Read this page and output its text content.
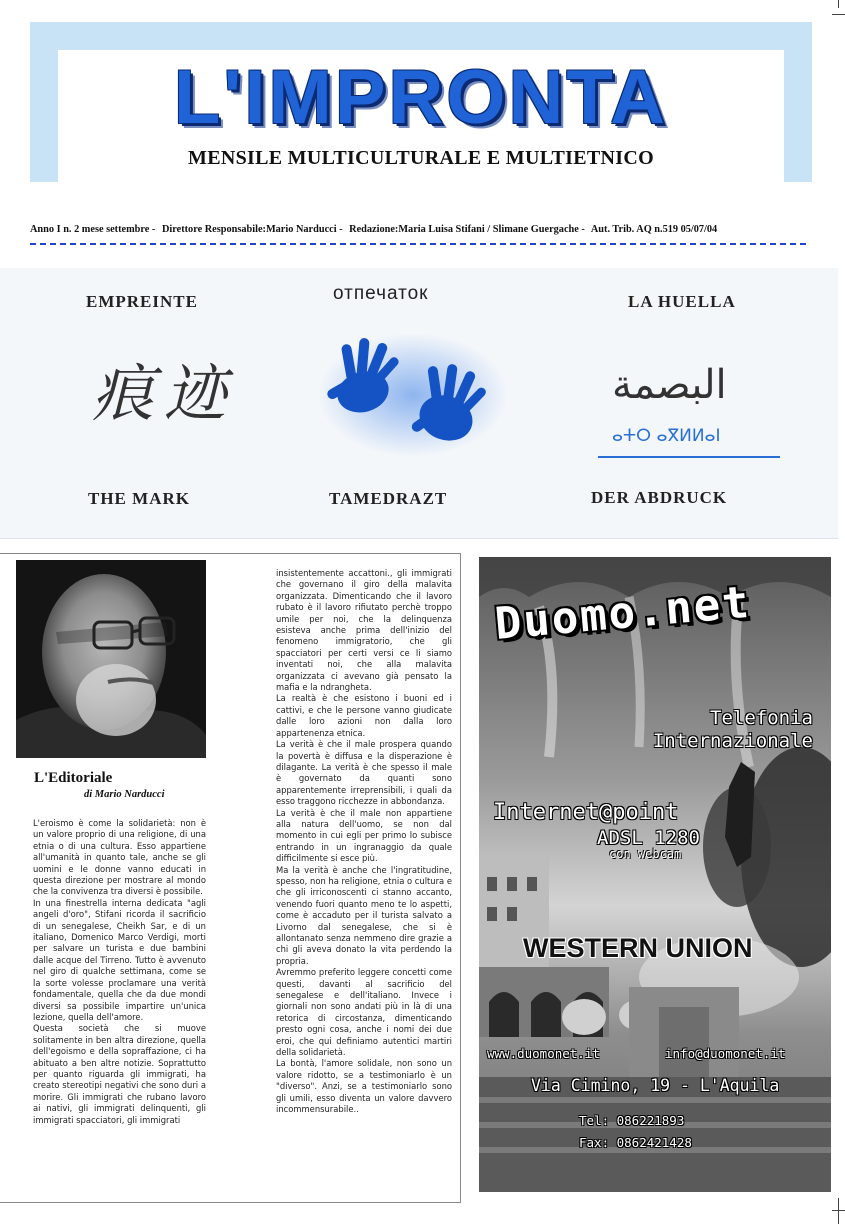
L'IMPRONTA
MENSILE MULTICULTURALE E MULTIETNICO
Anno I n. 2 mese settembre - Direttore Responsabile:Mario Narducci - Redazione:Maria Luisa Stifani / Slimane Guergache - Aut. Trib. AQ n.519 05/07/04
EMPREINTE	отпечаток	LA HUELLA
痕迹	البصمة
ⴰⵜⵔ ⴰⴳⵍⵍⴰⵏ
THE MARK	TAMEDRAZT	DER ABDRUCK
L'Editoriale
di Mario Narducci

L'eroismo è come la solidarietà: non è un valore proprio di una religione, di una etnia o di una cultura. Esso appartiene all'umanità in quanto tale, anche se gli uomini e le donne vanno educati in questa direzione per mostrare al mondo che la convivenza tra diversi è possibile.

In una finestrella interna dedicata "agli angeli d'oro", Stifani ricorda il sacrificio di un senegalese, Cheikh Sar, e di un italiano, Domenico Marco Verdigi, morti per salvare un turista e due bambini dalle acque del Tirreno. Tutto è avvenuto nel giro di qualche settimana, come se la sorte volesse proclamare una verità fondamentale, quella che da due mondi diversi sa possibile impartire un'unica lezione, quella dell'amore.

Questa società che si muove solitamente in ben altra direzione, quella dell'egoismo e della sopraffazione, ci ha abituato a ben altre notizie. Soprattutto per quanto riguarda gli immigrati, ha creato stereotipi negativi che sono duri a morire. Gli immigrati che rubano lavoro ai nativi, gli immigrati delinquenti, gli immigrati spacciatori, gli immigrati

insistentemente accattoni., gli immigrati che governano il giro della malavita organizzata. Dimenticando che il lavoro rubato è il lavoro rifiutato perchè troppo umile per noi, che la delinquenza esisteva anche prima dell'inizio del fenomeno immigratorio, che gli spacciatori per certi versi ce li siamo inventati noi, che alla malavita organizzata ci avevano già pensato la mafia e la ndrangheta.

La realtà è che esistono i buoni ed i cattivi, e che le persone vanno giudicate dalle loro azioni non dalla loro appartenenza etnica.

La verità è che il male prospera quando la povertà è diffusa e la disperazione è dilagante. La verità è che spesso il male è governato da quanti sono apparentemente irreprensibili, i quali da esso traggono ricchezze in abbondanza.

La verità è che il male non appartiene alla natura dell'uomo, se non dal momento in cui egli per primo lo subisce entrando in un ingranaggio da quale difficilmente si esce più.

Ma la verità è anche che l'ingratitudine, spesso, non ha religione, etnia o cultura e che gli irriconoscenti ci stanno accanto, venendo fuori quanto meno te lo aspetti, come è accaduto per il turista salvato a Livorno dal senegalese, che si è allontanato senza nemmeno dire grazie a chi gli aveva donato la vita perdendo la propria.

Avremmo preferito leggere concetti come questi, davanti al sacrificio del senegalese e dell'italiano. Invece i giornali non sono andati più in là di una retorica di circostanza, dimenticando presto ogni cosa, anche i nomi dei due eroi, che qui definiamo autentici martiri della solidarietà.

La bontà, l'amore solidale, non sono un valore ridotto, se a testimoniarlo è un "diverso". Anzi, se a testimoniarlo sono gli umili, esso diventa un valore davvero incommensurabile..

Duomo.net
Telefonia
Internazionale
Internet@point
ADSL 1280
con webcam
WESTERN UNION
www.duomonet.it	info@duomonet.it
Via Cimino, 19 - L'Aquila
Tel: 086221893
Fax: 0862421428
